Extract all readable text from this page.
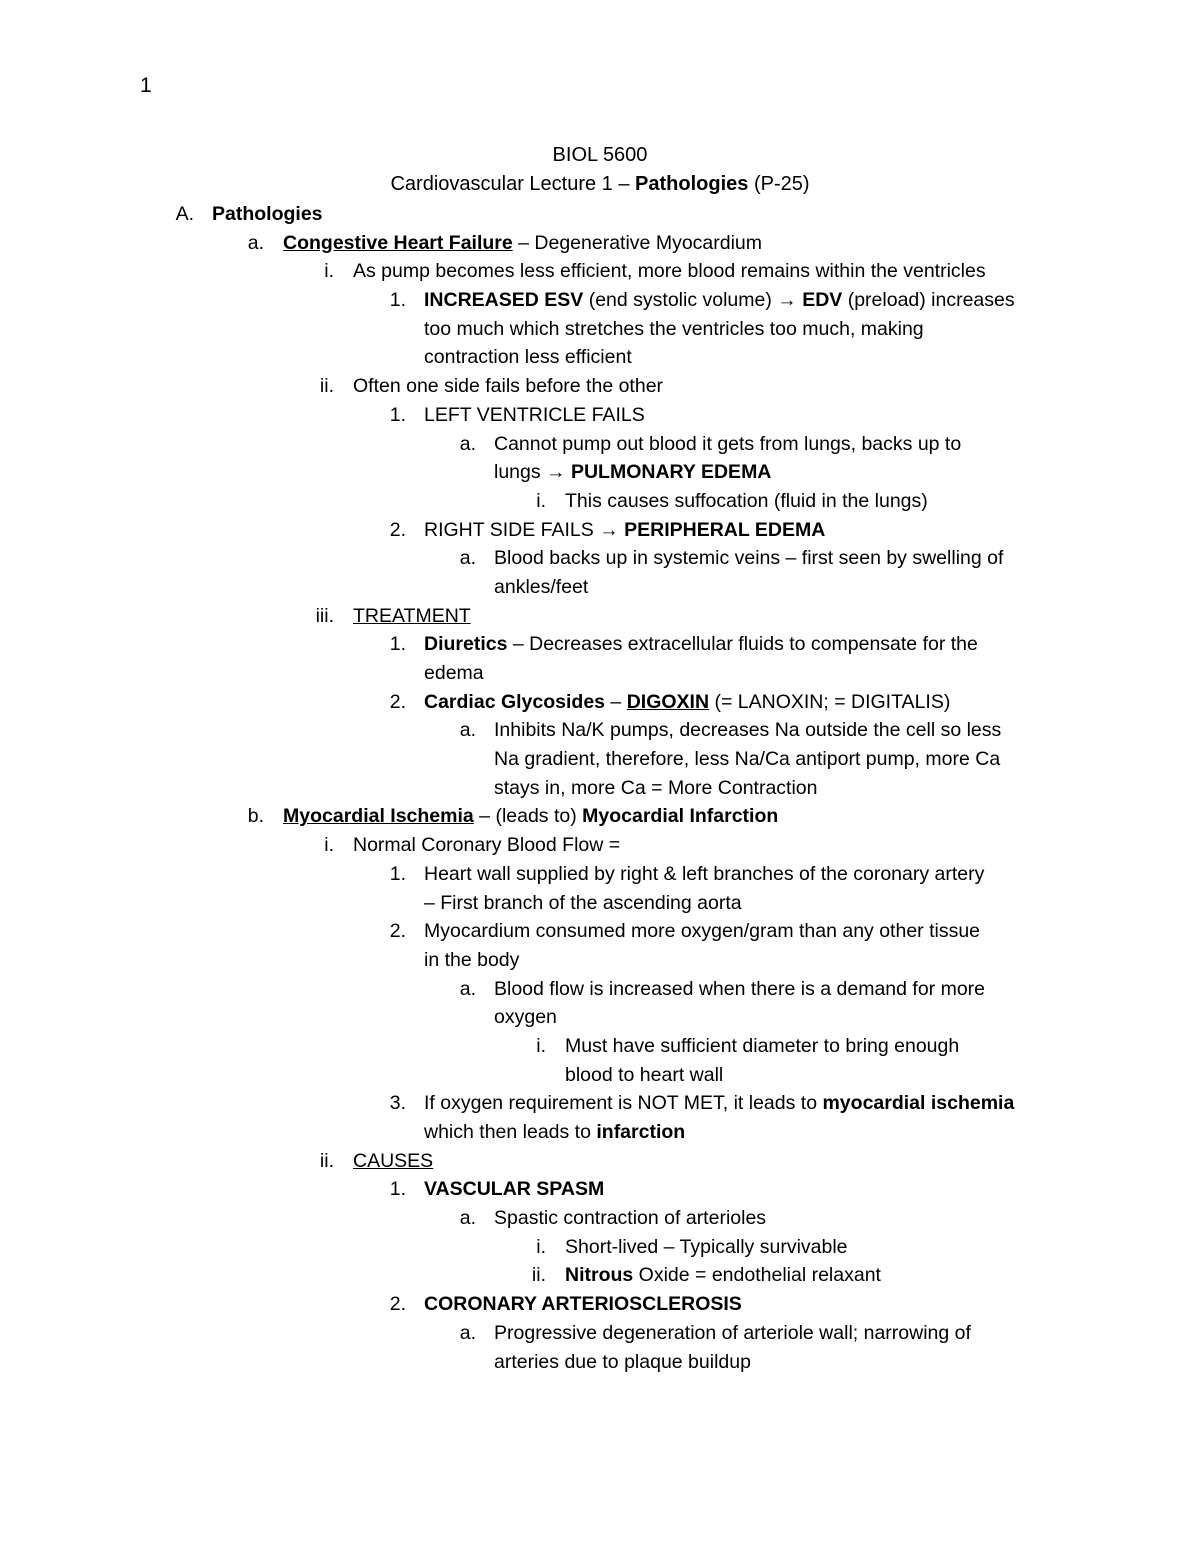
1
BIOL 5600
Cardiovascular Lecture 1 – Pathologies (P-25)
A. Pathologies
a. Congestive Heart Failure – Degenerative Myocardium
i. As pump becomes less efficient, more blood remains within the ventricles
1. INCREASED ESV (end systolic volume) → EDV (preload) increases
too much which stretches the ventricles too much, making
contraction less efficient
ii. Often one side fails before the other
1. LEFT VENTRICLE FAILS
a. Cannot pump out blood it gets from lungs, backs up to
lungs → PULMONARY EDEMA
i. This causes suffocation (fluid in the lungs)
2. RIGHT SIDE FAILS → PERIPHERAL EDEMA
a. Blood backs up in systemic veins – first seen by swelling of
ankles/feet
iii. TREATMENT
1. Diuretics – Decreases extracellular fluids to compensate for the
edema
2. Cardiac Glycosides – DIGOXIN (= LANOXIN; = DIGITALIS)
a. Inhibits Na/K pumps, decreases Na outside the cell so less
Na gradient, therefore, less Na/Ca antiport pump, more Ca
stays in, more Ca = More Contraction
b. Myocardial Ischemia – (leads to) Myocardial Infarction
i. Normal Coronary Blood Flow =
1. Heart wall supplied by right & left branches of the coronary artery
– First branch of the ascending aorta
2. Myocardium consumed more oxygen/gram than any other tissue
in the body
a. Blood flow is increased when there is a demand for more
oxygen
i. Must have sufficient diameter to bring enough
blood to heart wall
3. If oxygen requirement is NOT MET, it leads to myocardial ischemia
which then leads to infarction
ii. CAUSES
1. VASCULAR SPASM
a. Spastic contraction of arterioles
i. Short-lived – Typically survivable
ii. Nitrous Oxide = endothelial relaxant
2. CORONARY ARTERIOSCLEROSIS
a. Progressive degeneration of arteriole wall; narrowing of
arteries due to plaque buildup
